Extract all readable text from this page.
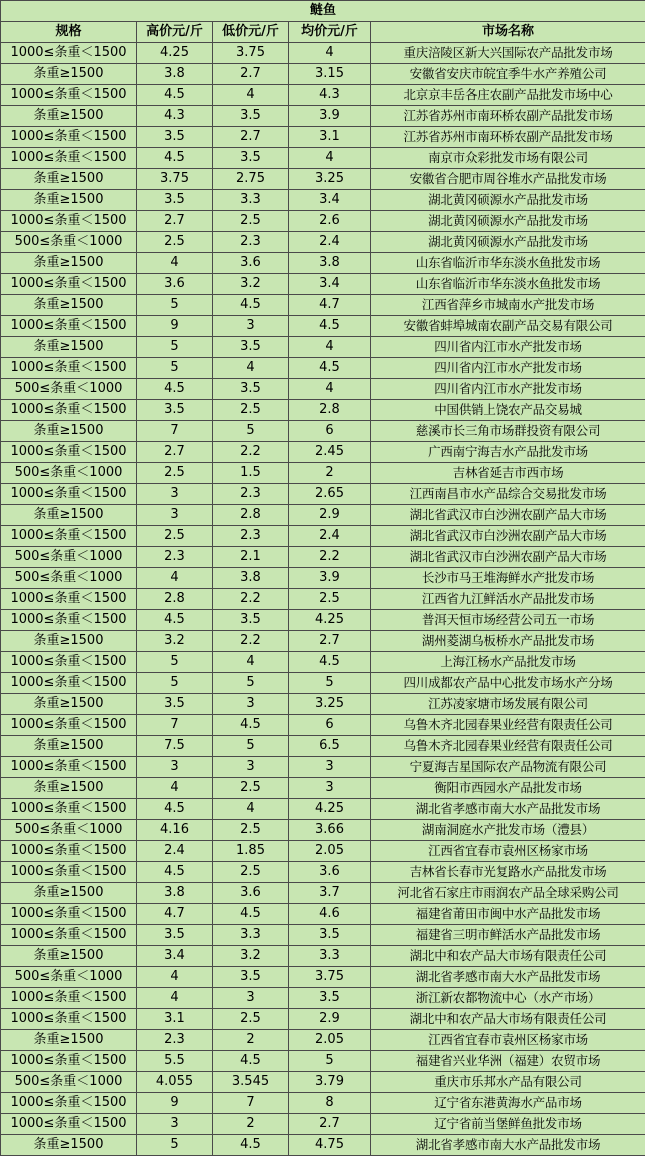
鲢鱼				
规格	高价元/斤	低价元/斤	均价元/斤	市场名称
1000≤条重＜1500	4.25	3.75	4	重庆涪陵区新大兴国际农产品批发市场
条重≥1500	3.8	2.7	3.15	安徽省安庆市皖宜季牛水产养殖公司
1000≤条重＜1500	4.5	4	4.3	北京京丰岳各庄农副产品批发市场中心
条重≥1500	4.3	3.5	3.9	江苏省苏州市南环桥农副产品批发市场
1000≤条重＜1500	3.5	2.7	3.1	江苏省苏州市南环桥农副产品批发市场
1000≤条重＜1500	4.5	3.5	4	南京市众彩批发市场有限公司
条重≥1500	3.75	2.75	3.25	安徽省合肥市周谷堆水产品批发市场
条重≥1500	3.5	3.3	3.4	湖北黄冈硕源水产品批发市场
1000≤条重＜1500	2.7	2.5	2.6	湖北黄冈硕源水产品批发市场
500≤条重＜1000	2.5	2.3	2.4	湖北黄冈硕源水产品批发市场
条重≥1500	4	3.6	3.8	山东省临沂市华东淡水鱼批发市场
1000≤条重＜1500	3.6	3.2	3.4	山东省临沂市华东淡水鱼批发市场
条重≥1500	5	4.5	4.7	江西省萍乡市城南水产批发市场
1000≤条重＜1500	9	3	4.5	安徽省蚌埠城南农副产品交易有限公司
条重≥1500	5	3.5	4	四川省内江市水产批发市场
1000≤条重＜1500	5	4	4.5	四川省内江市水产批发市场
500≤条重＜1000	4.5	3.5	4	四川省内江市水产批发市场
1000≤条重＜1500	3.5	2.5	2.8	中国供销上饶农产品交易城
条重≥1500	7	5	6	慈溪市长三角市场群投资有限公司
1000≤条重＜1500	2.7	2.2	2.45	广西南宁海吉水产品批发市场
500≤条重＜1000	2.5	1.5	2	吉林省延吉市西市场
1000≤条重＜1500	3	2.3	2.65	江西南昌市水产品综合交易批发市场
条重≥1500	3	2.8	2.9	湖北省武汉市白沙洲农副产品大市场
1000≤条重＜1500	2.5	2.3	2.4	湖北省武汉市白沙洲农副产品大市场
500≤条重＜1000	2.3	2.1	2.2	湖北省武汉市白沙洲农副产品大市场
500≤条重＜1000	4	3.8	3.9	长沙市马王堆海鲜水产批发市场
1000≤条重＜1500	2.8	2.2	2.5	江西省九江鲜活水产品批发市场
1000≤条重＜1500	4.5	3.5	4.25	普洱天恒市场经营公司五一市场
条重≥1500	3.2	2.2	2.7	湖州菱湖乌板桥水产品批发市场
1000≤条重＜1500	5	4	4.5	上海江杨水产品批发市场
1000≤条重＜1500	5	5	5	四川成都农产品中心批发市场水产分场
条重≥1500	3.5	3	3.25	江苏凌家塘市场发展有限公司
1000≤条重＜1500	7	4.5	6	乌鲁木齐北园春果业经营有限责任公司
条重≥1500	7.5	5	6.5	乌鲁木齐北园春果业经营有限责任公司
1000≤条重＜1500	3	3	3	宁夏海吉星国际农产品物流有限公司
条重≥1500	4	2.5	3	衡阳市西园水产品批发市场
1000≤条重＜1500	4.5	4	4.25	湖北省孝感市南大水产品批发市场
500≤条重＜1000	4.16	2.5	3.66	湖南洞庭水产批发市场（澧县）
1000≤条重＜1500	2.4	1.85	2.05	江西省宜春市袁州区杨家市场
1000≤条重＜1500	4.5	2.5	3.6	吉林省长春市光复路水产品批发市场
条重≥1500	3.8	3.6	3.7	河北省石家庄市雨润农产品全球采购公司
1000≤条重＜1500	4.7	4.5	4.6	福建省莆田市闽中水产品批发市场
1000≤条重＜1500	3.5	3.3	3.5	福建省三明市鲜活水产品批发市场
条重≥1500	3.4	3.2	3.3	湖北中和农产品大市场有限责任公司
500≤条重＜1000	4	3.5	3.75	湖北省孝感市南大水产品批发市场
1000≤条重＜1500	4	3	3.5	浙江新农都物流中心（水产市场）
1000≤条重＜1500	3.1	2.5	2.9	湖北中和农产品大市场有限责任公司
条重≥1500	2.3	2	2.05	江西省宜春市袁州区杨家市场
1000≤条重＜1500	5.5	4.5	5	福建省兴业华洲（福建）农贸市场
500≤条重＜1000	4.055	3.545	3.79	重庆市乐邦水产品有限公司
1000≤条重＜1500	9	7	8	辽宁省东港黄海水产品市场
1000≤条重＜1500	3	2	2.7	辽宁省前当堡鲜鱼批发市场
条重≥1500	5	4.5	4.75	湖北省孝感市南大水产品批发市场
